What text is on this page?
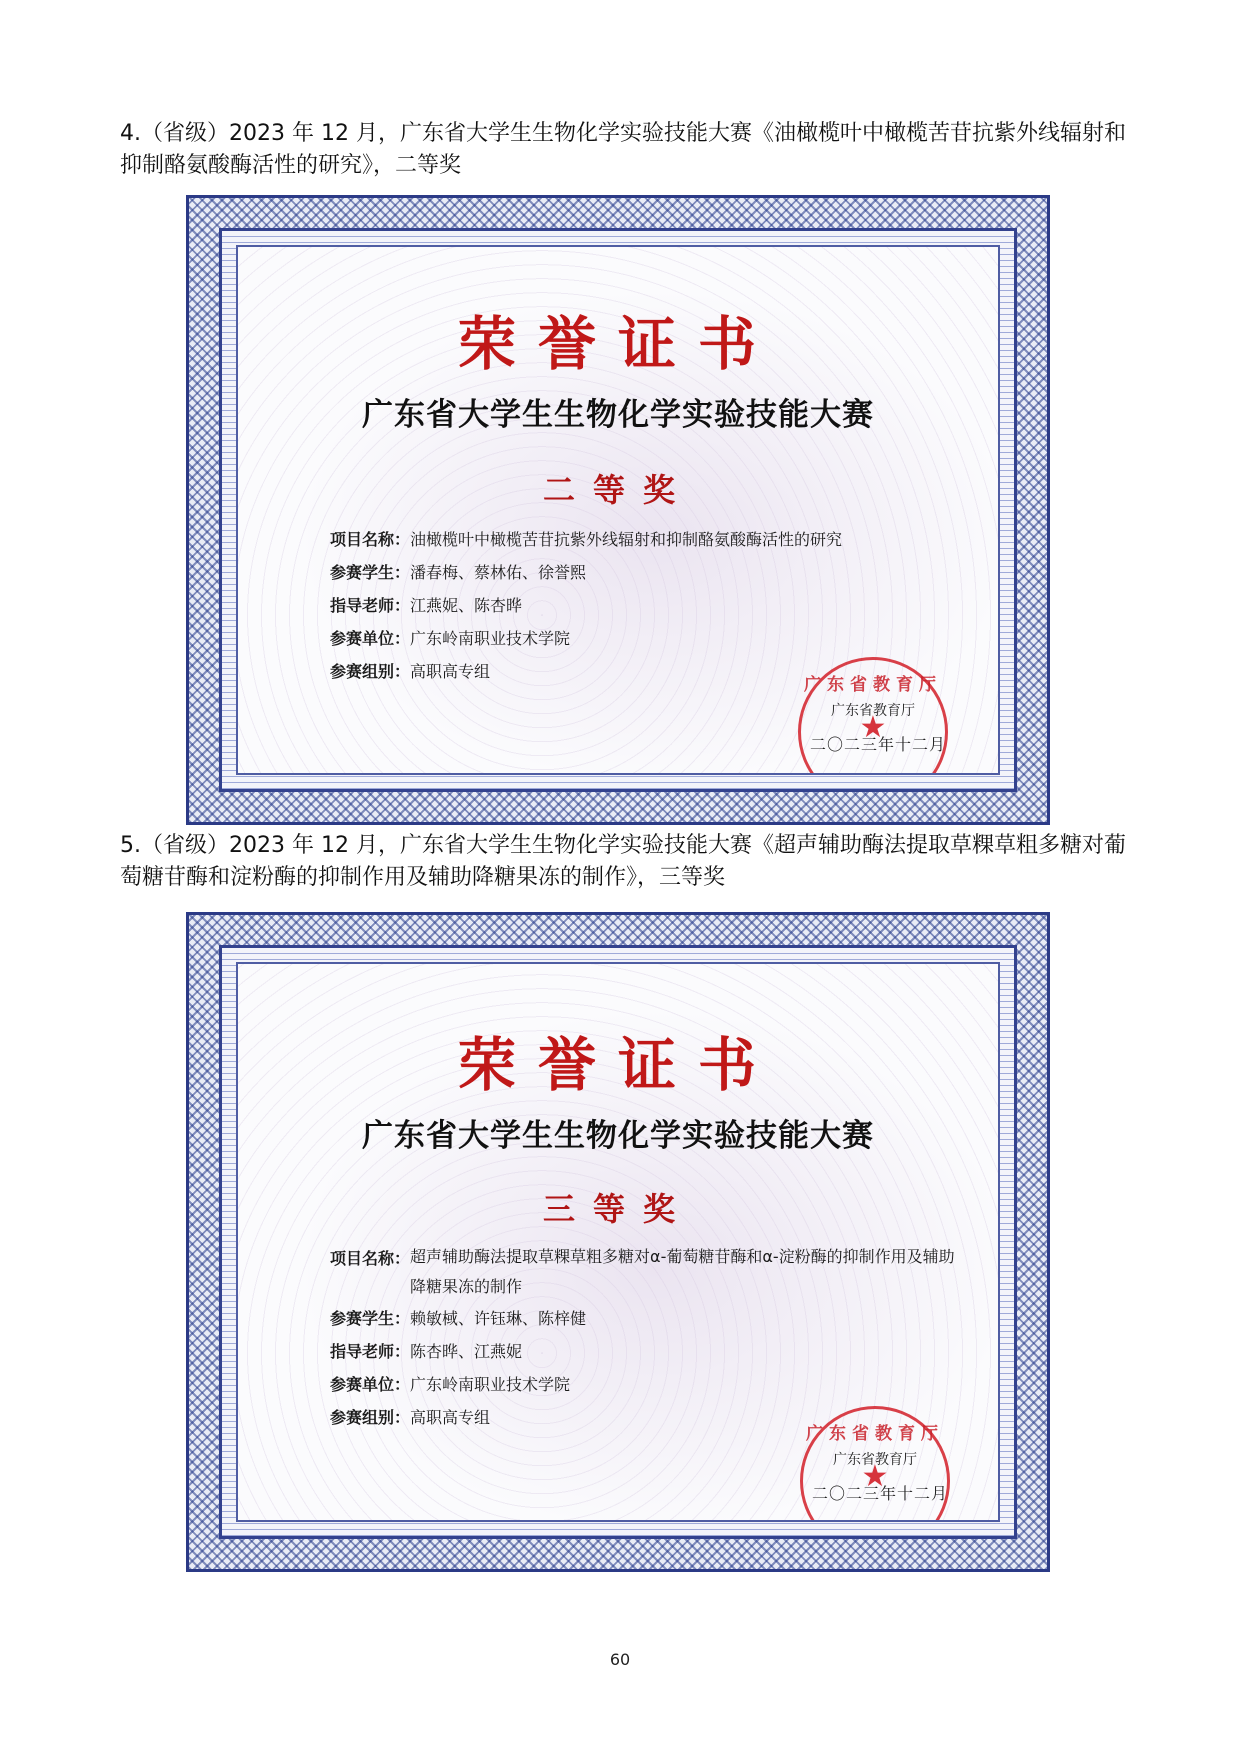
4.（省级）2023 年 12 月，广东省大学生生物化学实验技能大赛《油橄榄叶中橄榄苦苷抗紫外线辐射和抑制酪氨酸酶活性的研究》，二等奖

荣誉证书
广东省大学生生物化学实验技能大赛
二等奖
项目名称： 油橄榄叶中橄榄苦苷抗紫外线辐射和抑制酪氨酸酶活性的研究
参赛学生： 潘春梅、蔡林佑、徐誉熙
指导老师： 江燕妮、陈杏晔
参赛单位： 广东岭南职业技术学院
参赛组别： 高职高专组
广东省教育厅
★
广东省教育厅
二〇二三年十二月

5.（省级）2023 年 12 月，广东省大学生生物化学实验技能大赛《超声辅助酶法提取草粿草粗多糖对葡萄糖苷酶和淀粉酶的抑制作用及辅助降糖果冻的制作》，三等奖

荣誉证书
广东省大学生生物化学实验技能大赛
三等奖
项目名称： 超声辅助酶法提取草粿草粗多糖对α-葡萄糖苷酶和α-淀粉酶的抑制作用及辅助降糖果冻的制作
参赛学生： 赖敏棫、许钰琳、陈梓健
指导老师： 陈杏晔、江燕妮
参赛单位： 广东岭南职业技术学院
参赛组别： 高职高专组
广东省教育厅
★
广东省教育厅
二〇二三年十二月
60
